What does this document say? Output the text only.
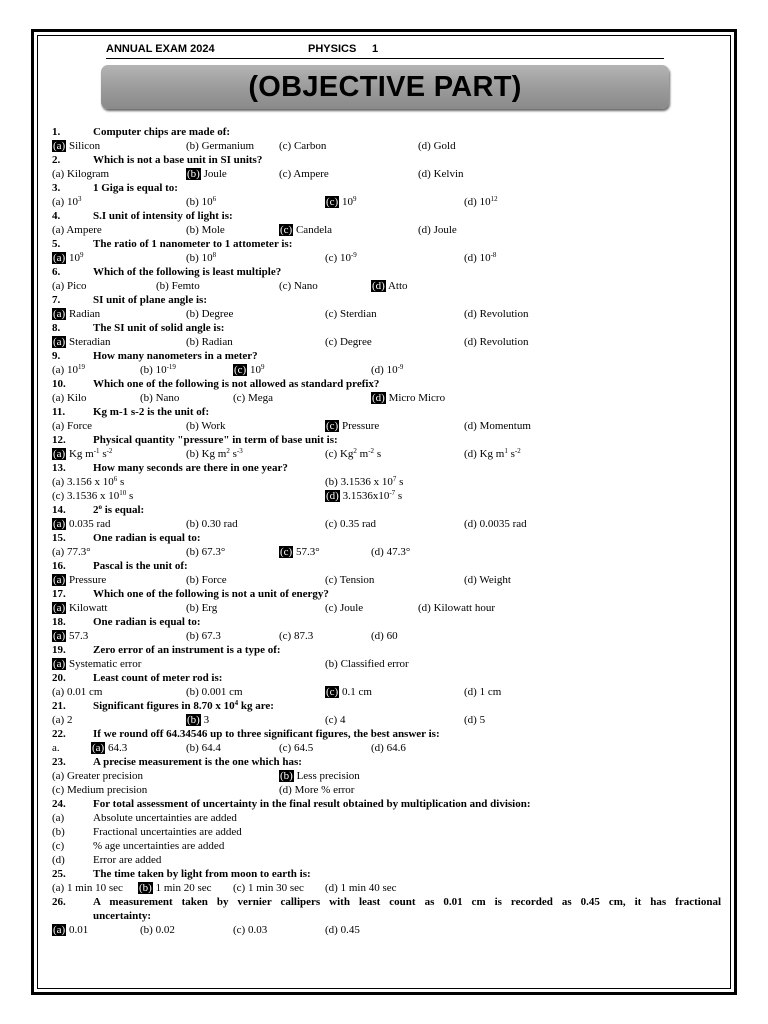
ANNUAL EXAM 2024	PHYSICS 1
(OBJECTIVE PART)
1.	Computer chips are made of:
(a) Silicon	(b) Germanium (c) Carbon	(d) Gold
2.	Which is not a base unit in SI units?
(a) Kilogram	(b) Joule	(c) Ampere	(d) Kelvin
3.	1 Giga is equal to:
(a) $10^3$	(b) $10^6$	(c) $10^9$	(d) $10^{12}$
4.	S.I unit of intensity of light is:
(a) Ampere	(b) Mole	(c) Candela	(d) Joule
5.	The ratio of 1 nanometer to 1 attometer is:
(a) $10^9$	(b) $10^8$	(c) $10^{-9}$	(d) $10^{-8}$
6.	Which of the following is least multiple?
(a) Pico	(b) Femto	(c) Nano	(d) Atto
7.	SI unit of plane angle is:
(a) Radian	(b) Degree	(c) Sterdian	(d) Revolution
8.	The SI unit of solid angle is:
(a) Steradian	(b) Radian	(c) Degree	(d) Revolution
9.	How many nanometers in a meter?
(a) $10^{19}$	(b) $10^{-19}$	(c) $10^9$	(d) $10^{-9}$
10. Which one of the following is not allowed as standard prefix?
(a) Kilo	(b) Nano	(c) Mega	(d) Micro Micro
11.	Kg m-1 s-2 is the unit of:
(a) Force	(b) Work	(c) Pressure	(d) Momentum
12. Physical quantity "pressure" in term of base unit is:
(a) Kg $m^{-1}$ $s^{-2}$	(b) Kg $m^2$ $s^{-3}$	(c) Kg$^2$ $m^{-2}$ s	(d) Kg $m^1$ $s^{-2}$
13. How many seconds are there in one year?
(a) 3.156 x $10^6$ s	(b) 3.1536 x $10^7$ s
(c) 3.1536 x $10^{10}$ s	(d) $3.1536x10^{-7}$ s
14. 2$^o$ is equal:
(a) 0.035 rad	(b) 0.30 rad	(c) 0.35 rad	(d) 0.0035 rad
15. One radian is equal to:
(a) 77.3°	(b) 67.3°	(c) 57.3°	(d) 47.3°
16. Pascal is the unit of:
(a) Pressure	(b) Force	(c) Tension	(d) Weight
17. Which one of the following is not a unit of energy?
(a) Kilowatt	(b) Erg	(c) Joule	(d) Kilowatt hour
18. One radian is equal to:
(a) 57.3	(b) 67.3	(c) 87.3	(d) 60
19. Zero error of an instrument is a type of:
(a) Systematic error	(b) Classified error
20. Least count of meter rod is:
(a) 0.01 cm	(b) 0.001 cm	(c) 0.1 cm	(d) 1 cm
21. Significant figures in 8.70 x $10^4$ kg are:
(a) 2	(b) 3	(c) 4	(d) 5
22. If we round off 64.34546 up to three significant figures, the best answer is:
a.	(a) 64.3	(b) 64.4	(c) 64.5	(d) 64.6
23. A precise measurement is the one which has:
(a) Greater precision	(b) Less precision
(c) Medium precision	(d) More % error
24. For total assessment of uncertainty in the final result obtained by multiplication and division:
(a)	Absolute uncertainties are added
(b)	Fractional uncertainties are added
(c)	% age uncertainties are added
(d)	Error are added
25. The time taken by light from moon to earth is:
(a) 1 min 10 sec (b) 1 min 20 sec (c) 1 min 30 sec (d) 1 min 40 sec
26. A measurement taken by vernier callipers with least count as 0.01 cm is recorded as 0.45 cm, it has fractional
uncertainty:
(a) 0.01	(b) 0.02	(c) 0.03	(d) 0.45
